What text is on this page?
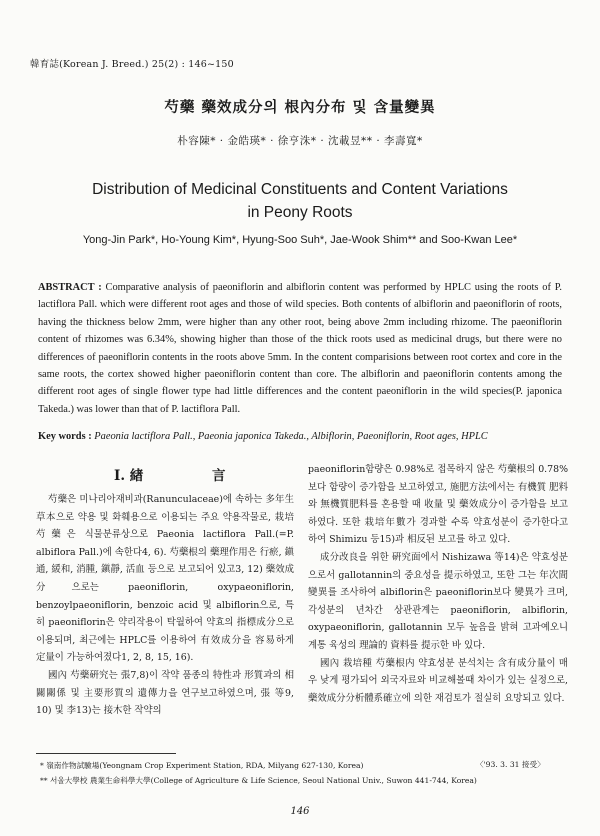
韓育誌(Korean J. Breed.) 25(2) : 146~150
芍藥 藥效成分의 根內分布 및 含量變異
朴容陳* · 金皓瑛* · 徐亨洙* · 沈載昱** · 李壽寬*
Distribution of Medicinal Constituents and Content Variations
in Peony Roots
Yong-Jin Park*, Ho-Young Kim*, Hyung-Soo Suh*, Jae-Wook Shim** and Soo-Kwan Lee*
ABSTRACT : Comparative analysis of paeoniflorin and albiflorin content was performed by HPLC using the roots of P. lactiflora Pall. which were different root ages and those of wild species. Both contents of albiflorin and paeoniflorin of roots, having the thickness below 2mm, were higher than any other root, being above 2mm including rhizome. The paeoniflorin content of rhizomes was 6.34%, showing higher than those of the thick roots used as medicinal drugs, but there were no differences of paeoniflorin contents in the roots above 5mm. In the content comparisions between root cortex and core in the same roots, the cortex showed higher paeoniflorin content than core. The albiflorin and paeoniflorin contents among the different root ages of single flower type had little differences and the content paeoniflorin in the wild species(P. japonica Takeda.) was lower than that of P. lactiflora Pall.
Key words : Paeonia lactiflora Pall., Paeonia japonica Takeda., Albiflorin, Paeoniflorin, Root ages, HPLC
I. 緖	言

芍藥은 미나리아재비과(Ranunculaceae)에 속하는 多年生 草本으로 약용 및 화훼용으로 이용되는 주요 약용작물로, 栽培芍藥은 식물분류상으로 Paeonia lactiflora Pall.(=P. albiflora Pall.)에 속한다4, 6). 芍藥根의 藥理作用은 行瘀, 鎭通, 緩和, 消腫, 鎭靜, 活血 등으로 보고되어 있고3, 12) 藥效成分으로는 paeoniflorin, oxypaeoniflorin, benzoylpaeoniflorin, benzoic acid 및 albiflorin으로, 특히 paeoniflorin은 약리작용이 탁월하여 약효의 指標成分으로 이용되며, 최근에는 HPLC를 이용하여 有效成分을 容易하게 定量이 가능하여졌다1, 2, 8, 15, 16).

國內 芍藥硏究는 張7,8)이 작약 품종의 特性과 形質과의 相關關係 및 主要形質의 遺傳力을 연구보고하였으며, 張 等9, 10) 및 李13)는 接木한 작약의

paeoniflorin함량은 0.98%로 접목하지 않은 芍藥根의 0.78%보다 함량이 증가함을 보고하였고, 施肥方法에서는 有機質 肥料와 無機質肥料를 혼용할 때 收量 및 藥效成分이 증가함을 보고하였다. 또한 栽培年數가 경과할 수록 약효성분이 증가한다고 하여 Shimizu 등15)과 相反된 보고를 하고 있다.

成分改良을 위한 硏究面에서 Nishizawa 等14)은 약효성분으로서 gallotannin의 중요성을 提示하였고, 또한 그는 年次間 變異를 조사하여 albiflorin은 paeoniflorin보다 變異가 크며, 각성분의 년차간 상관관계는 paeoniflorin, albiflorin, oxypaeoniflorin, gallotannin 모두 높음을 밝혀 고과예오니계통 육성의 理論的 資料를 提示한 바 있다.

國內 栽培種 芍藥根内 약효성분 분석치는 含有成分量이 매우 낮게 평가되어 외국자료와 비교해볼때 차이가 있는 실정으로, 藥效成分分析體系確立에 의한 재검토가 절실히 요망되고 있다.

* 嶺南作物試驗場(Yeongnam Crop Experiment Station, RDA, Milyang 627-130, Korea)
** 서울大學校 農業生命科學大學(College of Agriculture & Life Science, Seoul National Univ., Suwon 441-744, Korea)
〈'93. 3. 31 接受〉
146
